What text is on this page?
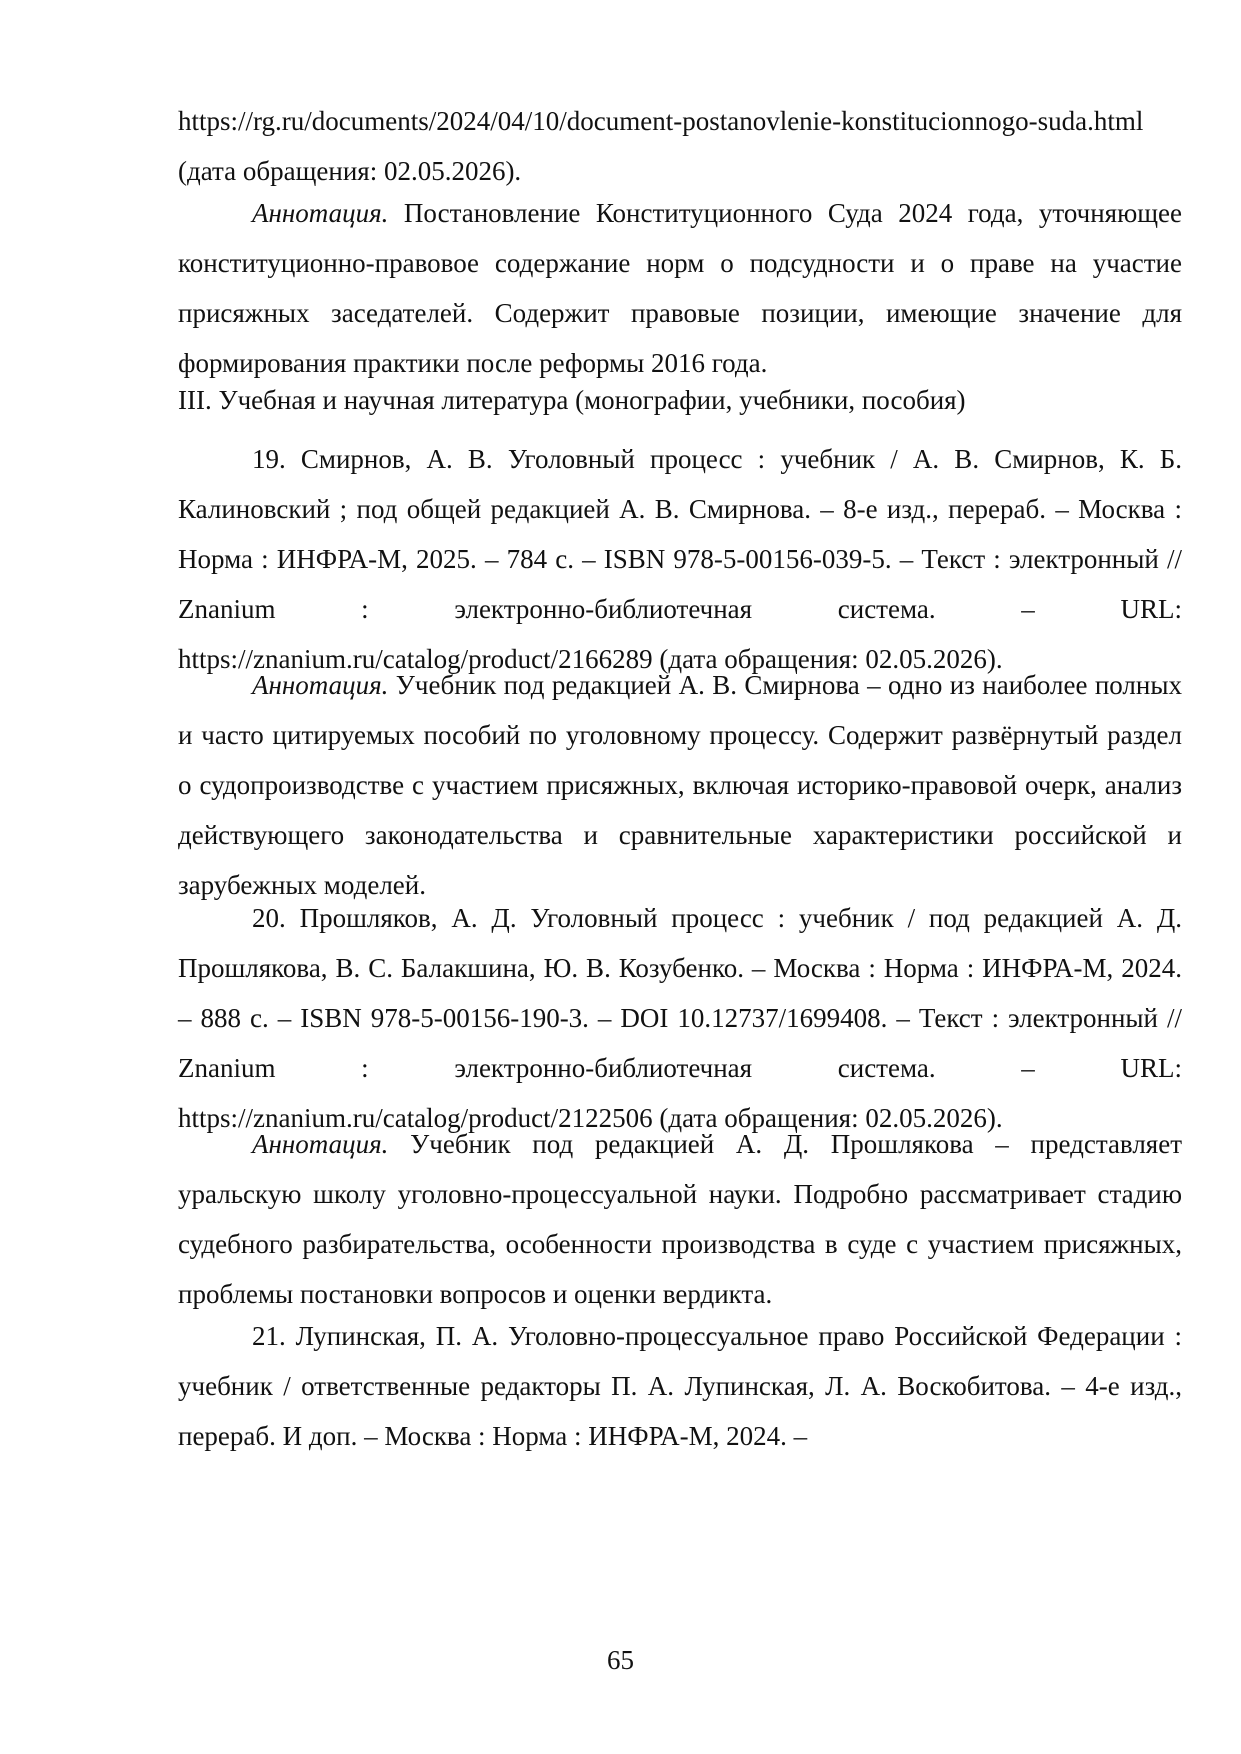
https://rg.ru/documents/2024/04/10/document-postanovlenie-konstitucionnogo-suda.html (дата обращения: 02.05.2026).

Аннотация. Постановление Конституционного Суда 2024 года, уточняющее конституционно-правовое содержание норм о подсудности и о праве на участие присяжных заседателей. Содержит правовые позиции, имеющие значение для формирования практики после реформы 2016 года.

III. Учебная и научная литература (монографии, учебники, пособия)

19. Смирнов, А. В. Уголовный процесс : учебник / А. В. Смирнов, К. Б. Калиновский ; под общей редакцией А. В. Смирнова. – 8-е изд., перераб. – Москва : Норма : ИНФРА-М, 2025. – 784 с. – ISBN 978-5-00156-039-5. – Текст : электронный // Znanium : электронно-библиотечная система. – URL: https://znanium.ru/catalog/product/2166289 (дата обращения: 02.05.2026).

Аннотация. Учебник под редакцией А. В. Смирнова – одно из наиболее полных и часто цитируемых пособий по уголовному процессу. Содержит развёрнутый раздел о судопроизводстве с участием присяжных, включая историко-правовой очерк, анализ действующего законодательства и сравнительные характеристики российской и зарубежных моделей.

20. Прошляков, А. Д. Уголовный процесс : учебник / под редакцией А. Д. Прошлякова, В. С. Балакшина, Ю. В. Козубенко. – Москва : Норма : ИНФРА-М, 2024. – 888 с. – ISBN 978-5-00156-190-3. – DOI 10.12737/1699408. – Текст : электронный // Znanium : электронно-библиотечная система. – URL: https://znanium.ru/catalog/product/2122506 (дата обращения: 02.05.2026).

Аннотация. Учебник под редакцией А. Д. Прошлякова – представляет уральскую школу уголовно-процессуальной науки. Подробно рассматривает стадию судебного разбирательства, особенности производства в суде с участием присяжных, проблемы постановки вопросов и оценки вердикта.

21. Лупинская, П. А. Уголовно-процессуальное право Российской Федерации : учебник / ответственные редакторы П. А. Лупинская, Л. А. Воскобитова. – 4-е изд., перераб. И доп. – Москва : Норма : ИНФРА-М, 2024. –

65
